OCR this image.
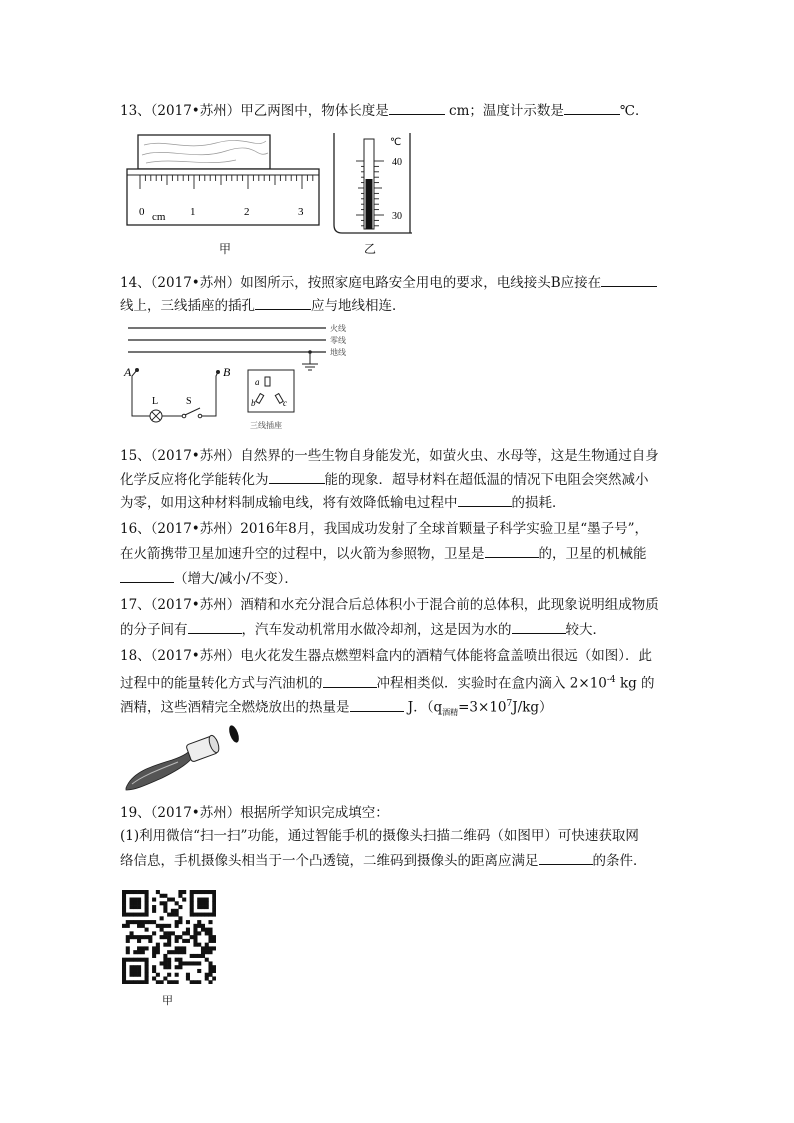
13、（2017•苏州）甲乙两图中，物体长度是	cm；温度计示数是	℃．
0 cm 1	2	3
甲
℃
40
30
乙
14、（2017•苏州）如图所示，按照家庭电路安全用电的要求，电线接头B应接在
线上，三线插座的插孔	应与地线相连．
火线
零线
地线
A	B
L	S
a
b	c
三线插座
15、（2017•苏州）自然界的一些生物自身能发光，如萤火虫、水母等，这是生物通过自身
化学反应将化学能转化为	能的现象．超导材料在超低温的情况下电阻会突然减小
为零，如用这种材料制成输电线，将有效降低输电过程中	的损耗．
16、（2017•苏州）2016年8月，我国成功发射了全球首颗量子科学实验卫星“墨子号”，
在火箭携带卫星加速升空的过程中，以火箭为参照物，卫星是	的，卫星的机械能
（增大/减小/不变）．
17、（2017•苏州）酒精和水充分混合后总体积小于混合前的总体积，此现象说明组成物质
的分子间有	，汽车发动机常用水做冷却剂，这是因为水的	较大．
18、（2017•苏州）电火花发生器点燃塑料盒内的酒精气体能将盒盖喷出很远（如图）．此
过程中的能量转化方式与汽油机的	冲程相类似．实验时在盒内滴入 $2\times 10^{-4}$ kg 的
酒精，这些酒精完全燃烧放出的热量是	J．$(q_{酒精}=3\times 10^7J/kg)$
19、（2017•苏州）根据所学知识完成填空：
(1)利用微信“扫一扫”功能，通过智能手机的摄像头扫描二维码（如图甲）可快速获取网
络信息，手机摄像头相当于一个凸透镜，二维码到摄像头的距离应满足	的条件．
甲
